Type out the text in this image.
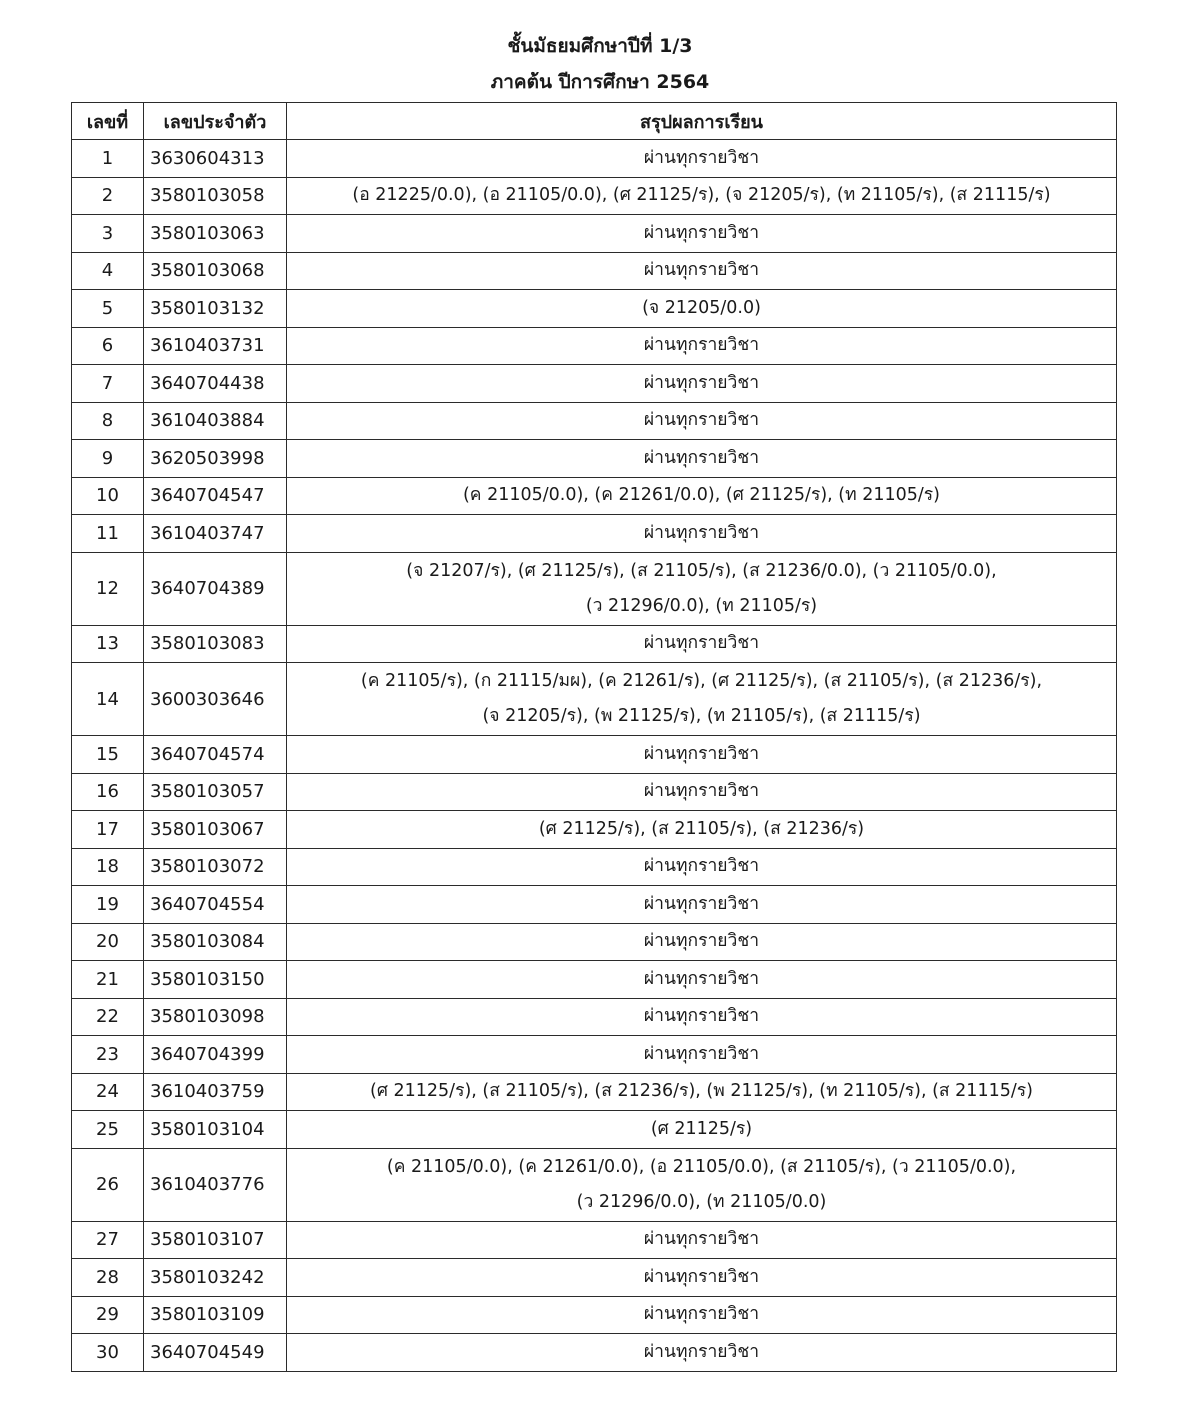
ชั้นมัธยมศึกษาปีที่ 1/3
ภาคต้น ปีการศึกษา 2564
เลขที่	เลขประจำตัว	สรุปผลการเรียน
1	3630604313	ผ่านทุกรายวิชา

2	3580103058	(อ 21225/0.0), (อ 21105/0.0), (ศ 21125/ร), (จ 21205/ร), (ท 21105/ร), (ส 21115/ร)

3	3580103063	ผ่านทุกรายวิชา

4	3580103068	ผ่านทุกรายวิชา

5	3580103132	(จ 21205/0.0)

6	3610403731	ผ่านทุกรายวิชา

7	3640704438	ผ่านทุกรายวิชา

8	3610403884	ผ่านทุกรายวิชา

9	3620503998	ผ่านทุกรายวิชา

10	3640704547	(ค 21105/0.0), (ค 21261/0.0), (ศ 21125/ร), (ท 21105/ร)

11	3610403747	ผ่านทุกรายวิชา

12	3640704389	(จ 21207/ร), (ศ 21125/ร), (ส 21105/ร), (ส 21236/0.0), (ว 21105/0.0),
(ว 21296/0.0), (ท 21105/ร)

13	3580103083	ผ่านทุกรายวิชา

14	3600303646	(ค 21105/ร), (ก 21115/มผ), (ค 21261/ร), (ศ 21125/ร), (ส 21105/ร), (ส 21236/ร),
(จ 21205/ร), (พ 21125/ร), (ท 21105/ร), (ส 21115/ร)

15	3640704574	ผ่านทุกรายวิชา

16	3580103057	ผ่านทุกรายวิชา

17	3580103067	(ศ 21125/ร), (ส 21105/ร), (ส 21236/ร)

18	3580103072	ผ่านทุกรายวิชา

19	3640704554	ผ่านทุกรายวิชา

20	3580103084	ผ่านทุกรายวิชา

21	3580103150	ผ่านทุกรายวิชา

22	3580103098	ผ่านทุกรายวิชา

23	3640704399	ผ่านทุกรายวิชา

24	3610403759	(ศ 21125/ร), (ส 21105/ร), (ส 21236/ร), (พ 21125/ร), (ท 21105/ร), (ส 21115/ร)

25	3580103104	(ศ 21125/ร)

26	3610403776	(ค 21105/0.0), (ค 21261/0.0), (อ 21105/0.0), (ส 21105/ร), (ว 21105/0.0),
(ว 21296/0.0), (ท 21105/0.0)

27	3580103107	ผ่านทุกรายวิชา

28	3580103242	ผ่านทุกรายวิชา

29	3580103109	ผ่านทุกรายวิชา

30	3640704549	ผ่านทุกรายวิชา
